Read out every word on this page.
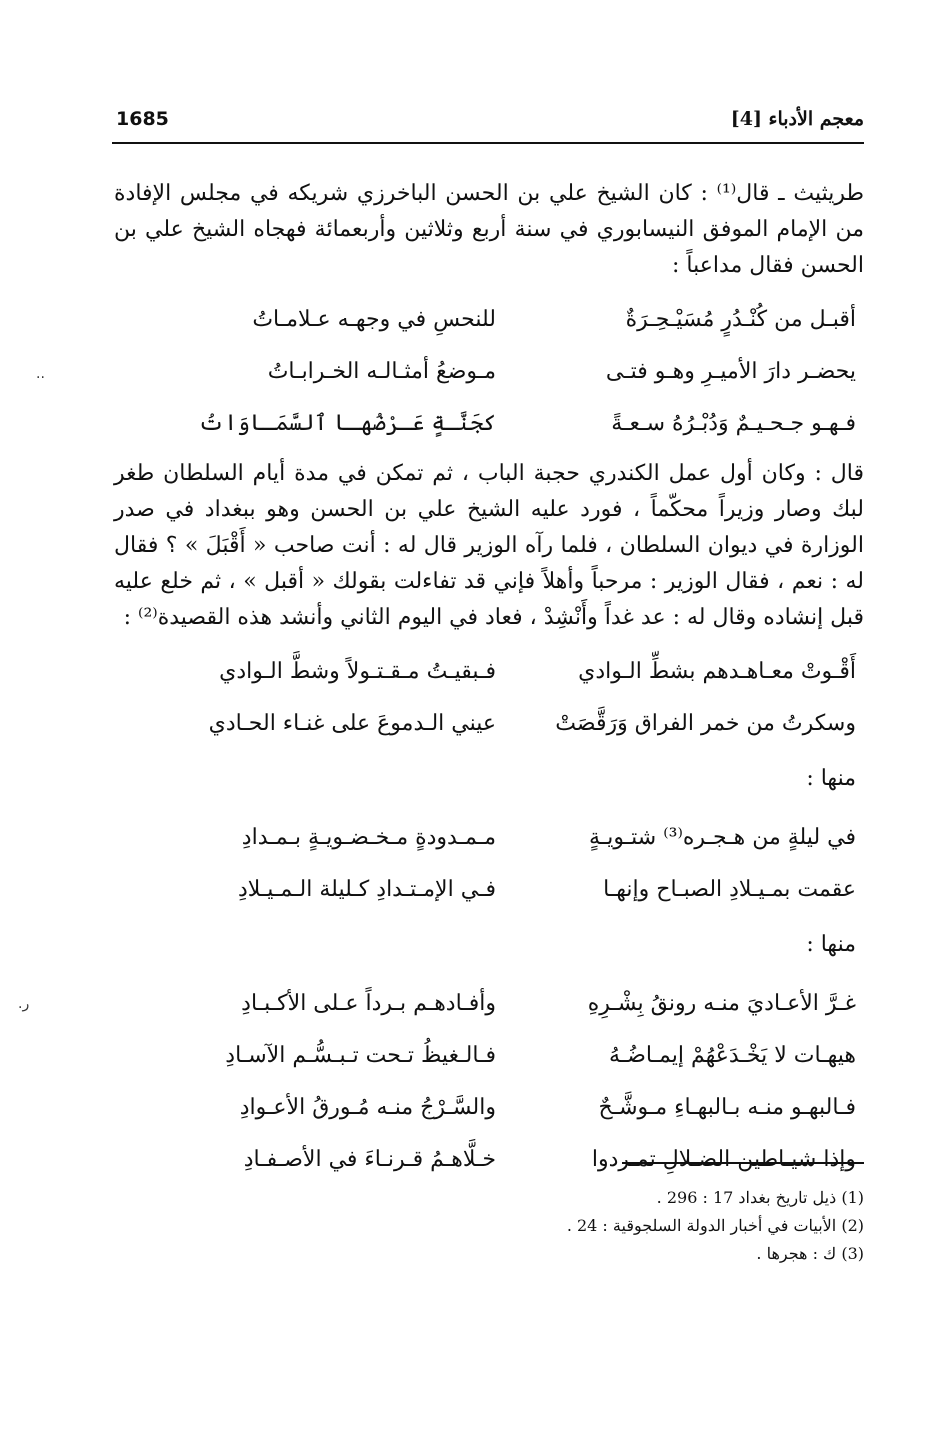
معجم الأدباء [4]
1685

طريثيث ـ قال⁽¹⁾ : كان الشيخ علي بن الحسن الباخرزي شريكه في مجلس الإفادة من الإمام الموفق النيسابوري في سنة أربع وثلاثين وأربعمائة فهجاه الشيخ علي بن الحسن فقال مداعباً :

أقبـل من كُنْـدُرٍ مُسَيْـحِـرَةٌ
للنحسِ في وجهـه عـلامـاتُ
يحضـر دارَ الأميـرِ وهـو فتـى
مـوضعُ أمثـالـه الخـرابـاتُ
فـهـو جـحـيـمٌ وَدُبْـرُهُ سـعـةً
كجَنَّـةٍ عَـرْضُهـا ٱلسَّمَـاوَاتُ

قال : وكان أول عمل الكندري حجبة الباب ، ثم تمكن في مدة أيام السلطان طغر لبك وصار وزيراً محكّماً ، فورد عليه الشيخ علي بن الحسن وهو ببغداد في صدر الوزارة في ديوان السلطان ، فلما رآه الوزير قال له : أنت صاحب « أَقْبَلَ » ؟ فقال له : نعم ، فقال الوزير : مرحباً وأهلاً فإني قد تفاءلت بقولك « أقبل » ، ثم خلع عليه قبل إنشاده وقال له : عد غداً وأَنْشِدْ ، فعاد في اليوم الثاني وأنشد هذه القصيدة⁽²⁾ :

أَقْـوتْ معـاهـدهم بشطِّ الـوادي
فـبقيـتُ مـقـتـولاً وشطَّ الـوادي
وسكرتُ من خمر الفراق وَرَقَّصَتْ
عيني الـدموعَ على غنـاء الحـادي
منها :
في ليلةٍ من هـجـره⁽³⁾ شتـويـةٍ
مـمـدودةٍ مـخـضـويـةٍ بـمـدادِ
عقمت بمـيـلادِ الصبـاح وإنهـا
فـي الإمـتـدادِ كـليلة الـمـيـلادِ
منها :
غـرَّ الأعـاديَ منـه رونقُ بِشْـرِهِ
وأفـادهـم بـرداً عـلى الأكـبـادِ
هيهـات لا يَخْـدَعْهُمْ إيمـاضُـهُ
فـالـغيظُ تـحت تـبـسُّـم الآسـادِ
فـالبهـو منـه بـالبهـاءِ مـوشَّـحٌ
والسَّـرْجُ منـه مُـورقُ الأعـوادِ
وإذا شيـاطين الضـلالِ تمـردوا
خـلَّاهـمُ قـرنـاءَ في الأصـفـادِ
(1) ذيل تاريخ بغداد 17 : 296 .
(2) الأبيات في أخبار الدولة السلجوقية : 24 .
(3) ك : هجرها .
..
ر.
